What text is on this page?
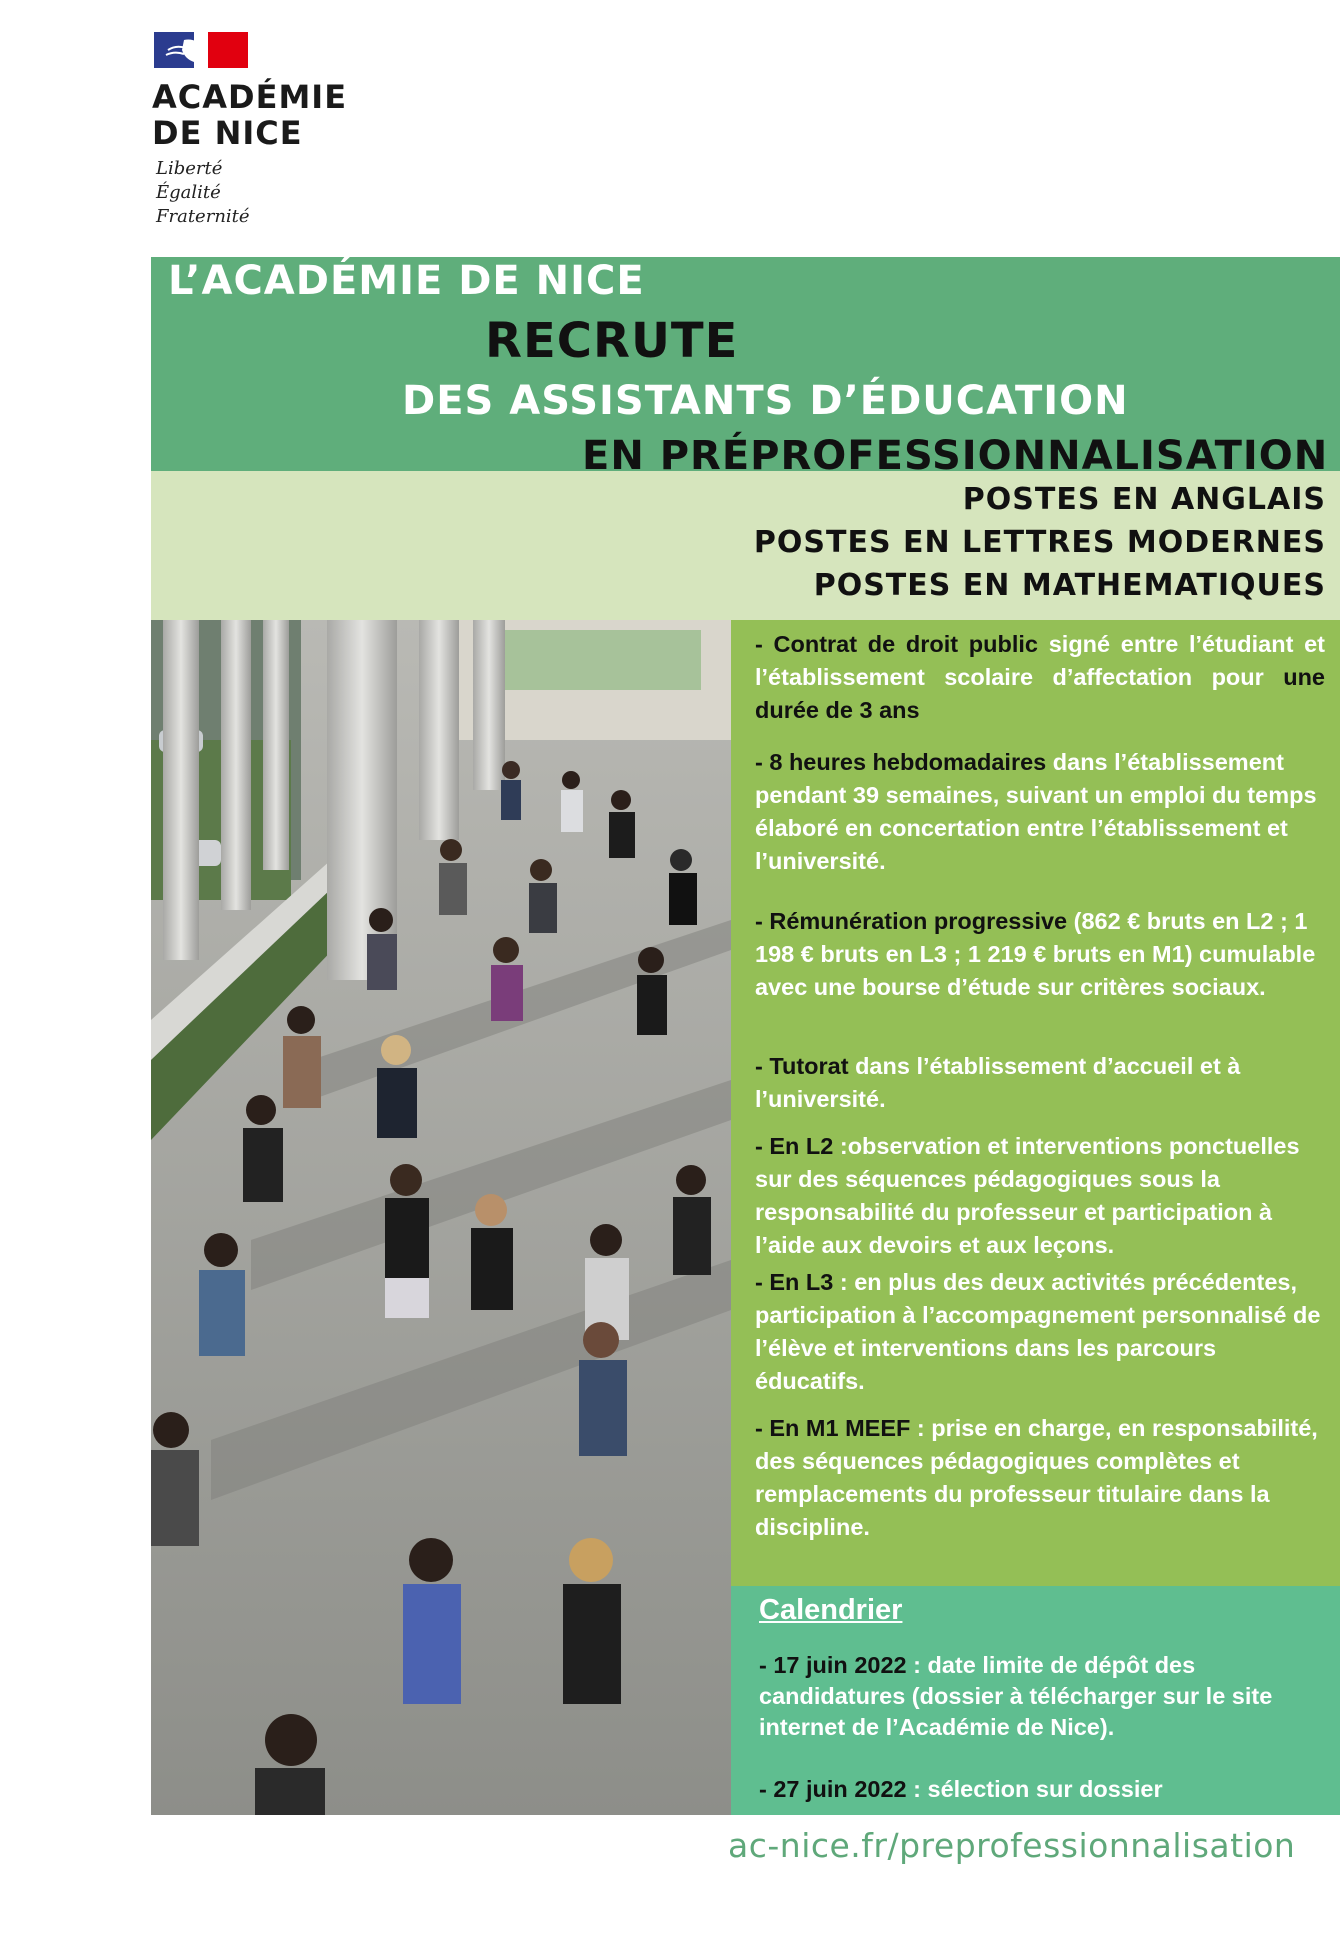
ACADÉMIE
DE NICE
Liberté
Égalité
Fraternité
L’ACADÉMIE DE NICE
RECRUTE
DES ASSISTANTS D’ÉDUCATION
EN PRÉPROFESSIONNALISATION
POSTES EN ANGLAIS
POSTES EN LETTRES MODERNES
POSTES EN MATHEMATIQUES
- Contrat de droit public signé entre l’étudiant et l’établissement scolaire d’affectation pour une durée de 3 ans
- 8 heures hebdomadaires dans l’établissement pendant 39 semaines, suivant un emploi du temps élaboré en concertation entre l’établissement et l’université.
- Rémunération progressive (862 € bruts en L2 ; 1 198 € bruts en L3 ; 1 219 € bruts en M1) cumulable avec une bourse d’étude sur critères sociaux.
- Tutorat dans l’établissement d’accueil et à l’université.
- En L2 :observation et interventions ponctuelles sur des séquences pédagogiques sous la responsabilité du professeur et participation à l’aide aux devoirs et aux leçons.
- En L3 : en plus des deux activités précédentes, participation à l’accompagnement personnalisé de l’élève et interventions dans les parcours éducatifs.
- En M1 MEEF : prise en charge, en responsabilité, des séquences pédagogiques complètes et remplacements du professeur titulaire dans la discipline.
Calendrier
- 17 juin 2022 : date limite de dépôt des candidatures (dossier à télécharger sur le site internet de l’Académie de Nice).
- 27 juin 2022 : sélection sur dossier
ac-nice.fr/preprofessionnalisation
